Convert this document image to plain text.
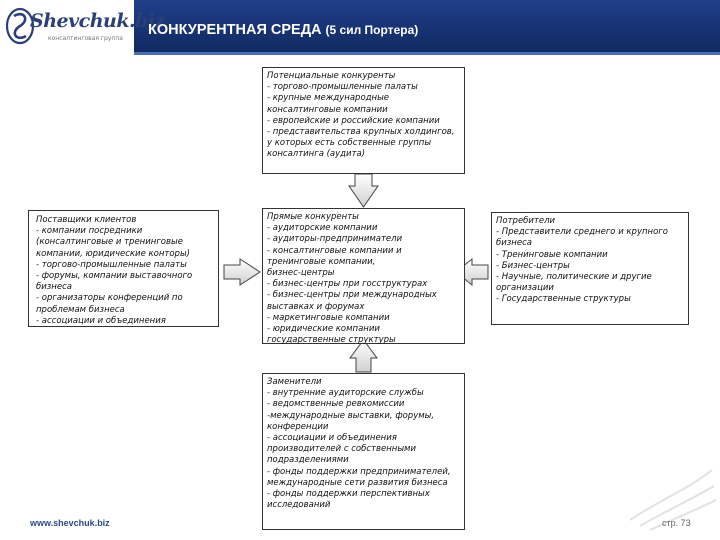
Shevchuk.biz
консалтинговая группа
КОНКУРЕНТНАЯ СРЕДА (5 сил Портера)
Потенциальные конкуренты
- торгово-промышленные палаты
- крупные международные консалтинговые компании
- европейские и российские компании
- представительства крупных холдингов, у которых есть собственные группы консалтинга (аудита)
Поставщики клиентов
- компании посредники (консалтинговые и тренинговые компании, юридические конторы)
- торгово-промышленные палаты
- форумы, компании выставочного бизнеса
- организаторы конференций по проблемам бизнеса
- ассоциации и объединения
Прямые конкуренты
- аудиторские компании
- аудиторы-предприниматели
- консалтинговые компании и тренинговые компании,
бизнес-центры
- бизнес-центры при госструктурах
- бизнес-центры при международных выставках и форумах
- маркетинговые компании
- юридические компании
государственные структуры
Потребители
- Представители среднего и крупного бизнеса
- Тренинговые компании
- Бизнес-центры
- Научные, политические и другие организации
- Государственные структуры
Заменители
- внутренние аудиторские службы
- ведомственные ревкомиссии
-международные выставки, форумы, конференции
- ассоциации и объединения производителей с собственными подразделениями
- фонды поддержки предпринимателей, международные сети развития бизнеса
- фонды поддержки перспективных исследований
www.shevchuk.biz	стр. 73
